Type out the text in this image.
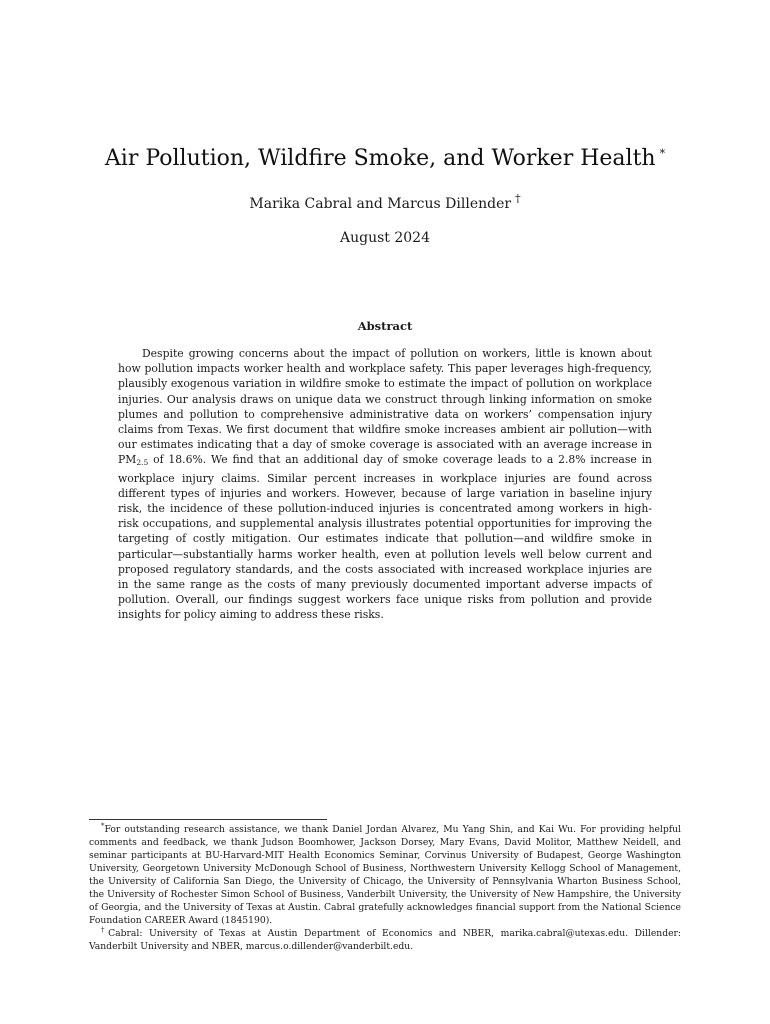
Air Pollution, Wildfire Smoke, and Worker Health *
Marika Cabral and Marcus Dillender †
August 2024
Abstract

Despite growing concerns about the impact of pollution on workers, little is known about how pollution impacts worker health and workplace safety. This paper leverages high-frequency, plausibly exogenous variation in wildfire smoke to estimate the impact of pollution on workplace injuries. Our analysis draws on unique data we construct through linking information on smoke plumes and pollution to comprehensive administrative data on workers’ compensation injury claims from Texas. We first document that wildfire smoke increases ambient air pollution—with our estimates indicating that a day of smoke coverage is associated with an average increase in $PM_{2.5}$ of 18.6%. We find that an additional day of smoke coverage leads to a 2.8% increase in workplace injury claims. Similar percent increases in workplace injuries are found across different types of injuries and workers. However, because of large variation in baseline injury risk, the incidence of these pollution-induced injuries is concentrated among workers in high-risk occupations, and supplemental analysis illustrates potential opportunities for improving the targeting of costly mitigation. Our estimates indicate that pollution—and wildfire smoke in particular—substantially harms worker health, even at pollution levels well below current and proposed regulatory standards, and the costs associated with increased workplace injuries are in the same range as the costs of many previously documented important adverse impacts of pollution. Overall, our findings suggest workers face unique risks from pollution and provide insights for policy aiming to address these risks.

*For outstanding research assistance, we thank Daniel Jordan Alvarez, Mu Yang Shin, and Kai Wu. For providing helpful comments and feedback, we thank Judson Boomhower, Jackson Dorsey, Mary Evans, David Molitor, Matthew Neidell, and seminar participants at BU-Harvard-MIT Health Economics Seminar, Corvinus University of Budapest, George Washington University, Georgetown University McDonough School of Business, Northwestern University Kellogg School of Management, the University of California San Diego, the University of Chicago, the University of Pennsylvania Wharton Business School, the University of Rochester Simon School of Business, Vanderbilt University, the University of New Hampshire, the University of Georgia, and the University of Texas at Austin. Cabral gratefully acknowledges financial support from the National Science Foundation CAREER Award (1845190).

†Cabral: University of Texas at Austin Department of Economics and NBER, marika.cabral@utexas.edu. Dillender: Vanderbilt University and NBER, marcus.o.dillender@vanderbilt.edu.
